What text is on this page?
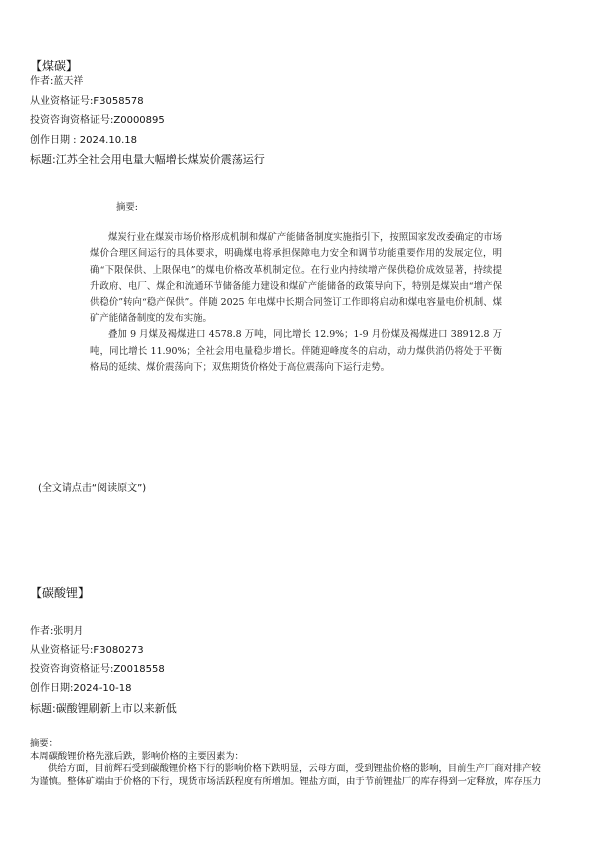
【煤碳】
作者:蓝天祥
从业资格证号:F3058578
投资咨询资格证号:Z0000895
创作日期 : 2024.10.18
标题:江苏全社会用电量大幅增长煤炭价震荡运行
摘要:

煤炭行业在煤炭市场价格形成机制和煤矿产能储备制度实施指引下，按照国家发改委确定的市场煤价合理区间运行的具体要求，明确煤电将承担保障电力安全和调节功能重要作用的发展定位，明确“下限保供、上限保电”的煤电价格改革机制定位。在行业内持续增产保供稳价成效显著，持续提升政府、电厂、煤企和流通环节储备能力建设和煤矿产能储备的政策导向下，特别是煤炭由“增产保供稳价”转向“稳产保供”。伴随 2025 年电煤中长期合同签订工作即将启动和煤电容量电价机制、煤矿产能储备制度的发布实施。

叠加 9 月煤及褐煤进口 4578.8 万吨，同比增长 12.9%；1-9 月份煤及褐煤进口 38912.8 万吨，同比增长 11.90%；全社会用电量稳步增长。伴随迎峰度冬的启动，动力煤供消仍将处于平衡格局的延续、煤价震荡向下；双焦期货价格处于高位震荡向下运行走势。

(全文请点击“阅读原文”)
【碳酸锂】
作者:张明月
从业资格证号:F3080273
投资咨询资格证号:Z0018558
创作日期:2024-10-18
标题:碳酸锂刷新上市以来新低
摘要：
本周碳酸锂价格先涨后跌，影响价格的主要因素为：
供给方面，目前辉石受到碳酸锂价格下行的影响价格下跌明显，云母方面，受到锂盐价格的影响，目前生产厂商对排产较
为谨慎。整体矿端由于价格的下行，现货市场活跃程度有所增加。锂盐方面，由于节前锂盐厂的库存得到一定释放，库存压力
